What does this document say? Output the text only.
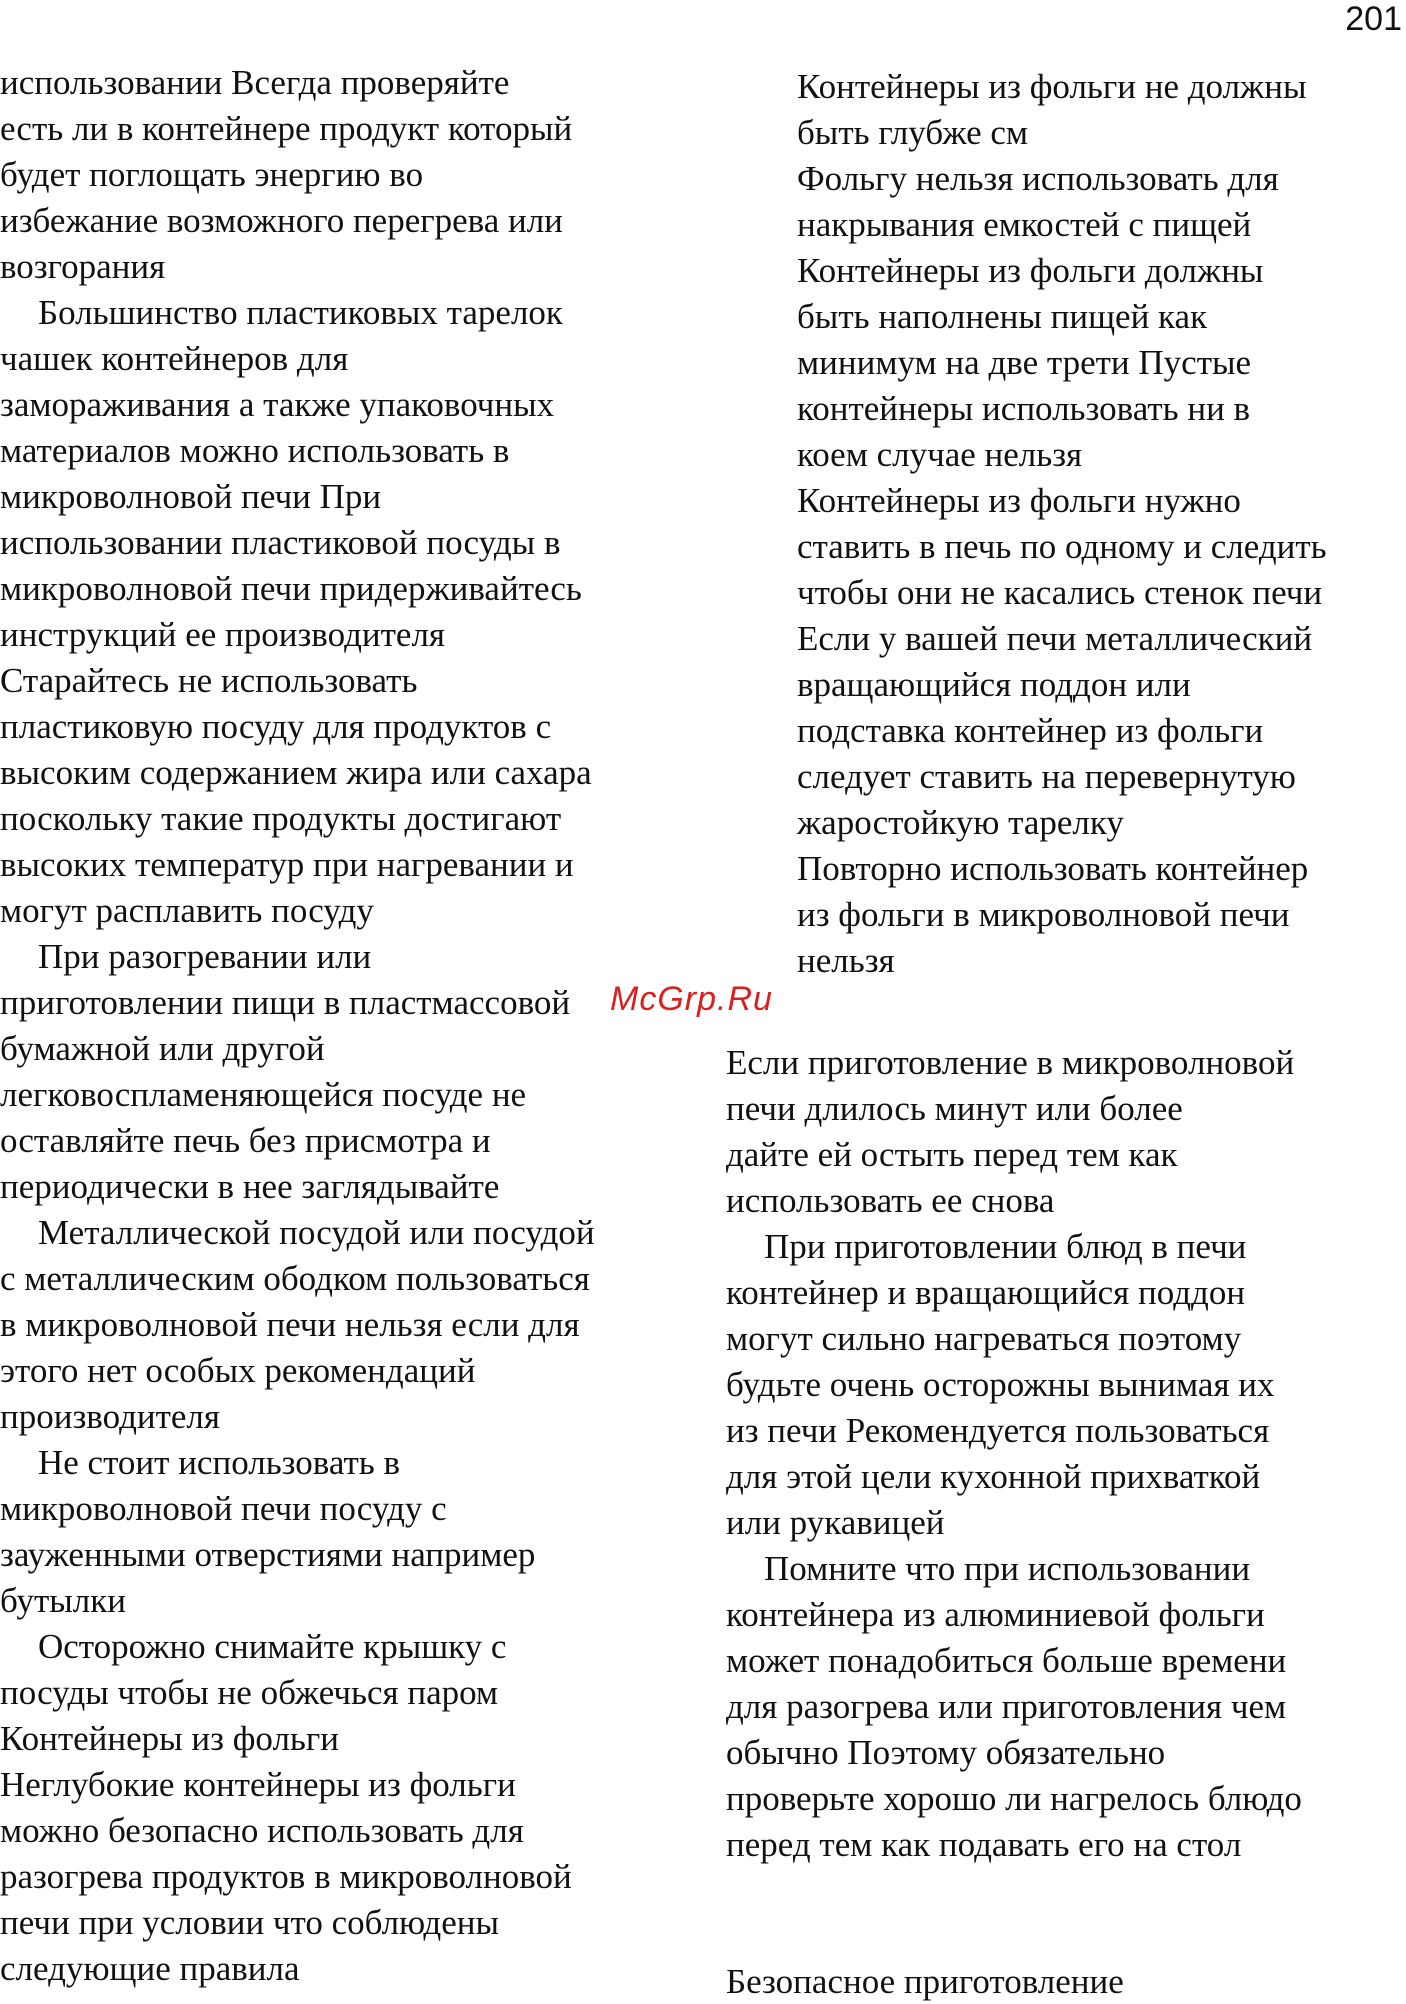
201
использовании Всегда проверяйте
есть ли в контейнере продукт который
будет поглощать энергию во
избежание возможного перегрева или
возгорания
Большинство пластиковых тарелок
чашек контейнеров для
замораживания а также упаковочных
материалов можно использовать в
микроволновой печи При
использовании пластиковой посуды в
микроволновой печи придерживайтесь
инструкций ее производителя
Старайтесь не использовать
пластиковую посуду для продуктов с
высоким содержанием жира или сахара
поскольку такие продукты достигают
высоких температур при нагревании и
могут расплавить посуду
При разогревании или
приготовлении пищи в пластмассовой
бумажной или другой
легковоспламеняющейся посуде не
оставляйте печь без присмотра и
периодически в нее заглядывайте
Металлической посудой или посудой
с металлическим ободком пользоваться
в микроволновой печи нельзя если для
этого нет особых рекомендаций
производителя
Не стоит использовать в
микроволновой печи посуду с
зауженными отверстиями например
бутылки
Осторожно снимайте крышку с
посуды чтобы не обжечься паром
Контейнеры из фольги
Неглубокие контейнеры из фольги
можно безопасно использовать для
разогрева продуктов в микроволновой
печи при условии что соблюдены
следующие правила
Контейнеры из фольги не должны
быть глубже см
Фольгу нельзя использовать для
накрывания емкостей с пищей
Контейнеры из фольги должны
быть наполнены пищей как
минимум на две трети Пустые
контейнеры использовать ни в
коем случае нельзя
Контейнеры из фольги нужно
ставить в печь по одному и следить
чтобы они не касались стенок печи
Если у вашей печи металлический
вращающийся поддон или
подставка контейнер из фольги
следует ставить на перевернутую
жаростойкую тарелку
Повторно использовать контейнер
из фольги в микроволновой печи
нельзя
Если приготовление в микроволновой
печи длилось минут или более
дайте ей остыть перед тем как
использовать ее снова
При приготовлении блюд в печи
контейнер и вращающийся поддон
могут сильно нагреваться поэтому
будьте очень осторожны вынимая их
из печи Рекомендуется пользоваться
для этой цели кухонной прихваткой
или рукавицей
Помните что при использовании
контейнера из алюминиевой фольги
может понадобиться больше времени
для разогрева или приготовления чем
обычно Поэтому обязательно
проверьте хорошо ли нагрелось блюдо
перед тем как подавать его на стол
McGrp.Ru
Безопасное приготовление
